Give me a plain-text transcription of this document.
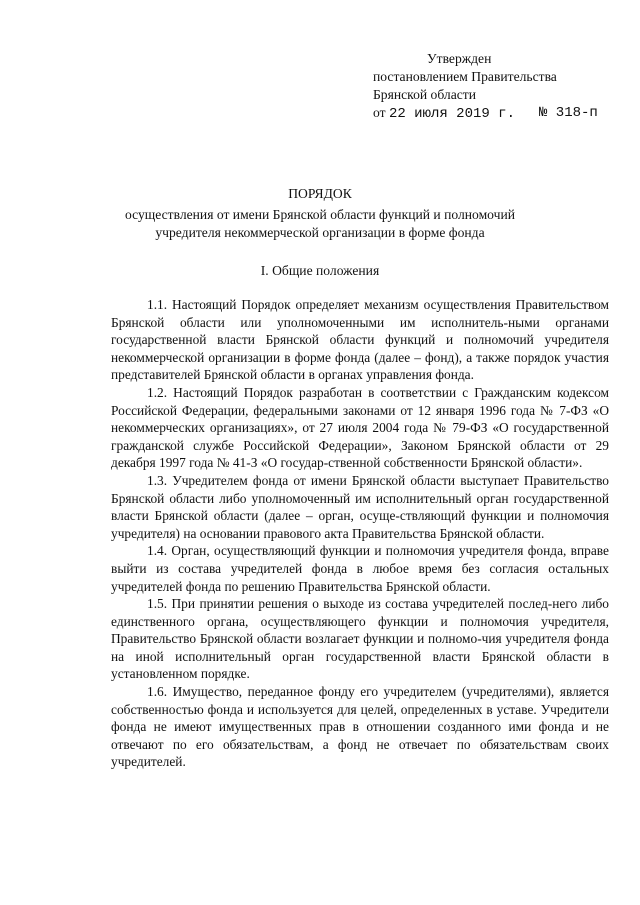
Утвержден
постановлением Правительства
Брянской области
от 22 июля 2019 г. № 318-п
ПОРЯДОК
осуществления от имени Брянской области функций и полномочий
учредителя некоммерческой организации в форме фонда
I. Общие положения

1.1. Настоящий Порядок определяет механизм осуществления Правительством Брянской области или уполномоченными им исполнитель-ными органами государственной власти Брянской области функций и полномочий учредителя некоммерческой организации в форме фонда (далее – фонд), а также порядок участия представителей Брянской области в органах управления фонда.

1.2. Настоящий Порядок разработан в соответствии с Гражданским кодексом Российской Федерации, федеральными законами от 12 января 1996 года № 7-ФЗ «О некоммерческих организациях», от 27 июля 2004 года № 79-ФЗ «О государственной гражданской службе Российской Федерации», Законом Брянской области от 29 декабря 1997 года № 41-З «О государ-ственной собственности Брянской области».

1.3. Учредителем фонда от имени Брянской области выступает Правительство Брянской области либо уполномоченный им исполнительный орган государственной власти Брянской области (далее – орган, осуще-ствляющий функции и полномочия учредителя) на основании правового акта Правительства Брянской области.

1.4. Орган, осуществляющий функции и полномочия учредителя фонда, вправе выйти из состава учредителей фонда в любое время без согласия остальных учредителей фонда по решению Правительства Брянской области.

1.5. При принятии решения о выходе из состава учредителей послед-него либо единственного органа, осуществляющего функции и полномочия учредителя, Правительство Брянской области возлагает функции и полномо-чия учредителя фонда на иной исполнительный орган государственной власти Брянской области в установленном порядке.

1.6. Имущество, переданное фонду его учредителем (учредителями), является собственностью фонда и используется для целей, определенных в уставе. Учредители фонда не имеют имущественных прав в отношении созданного ими фонда и не отвечают по его обязательствам, а фонд не отвечает по обязательствам своих учредителей.
